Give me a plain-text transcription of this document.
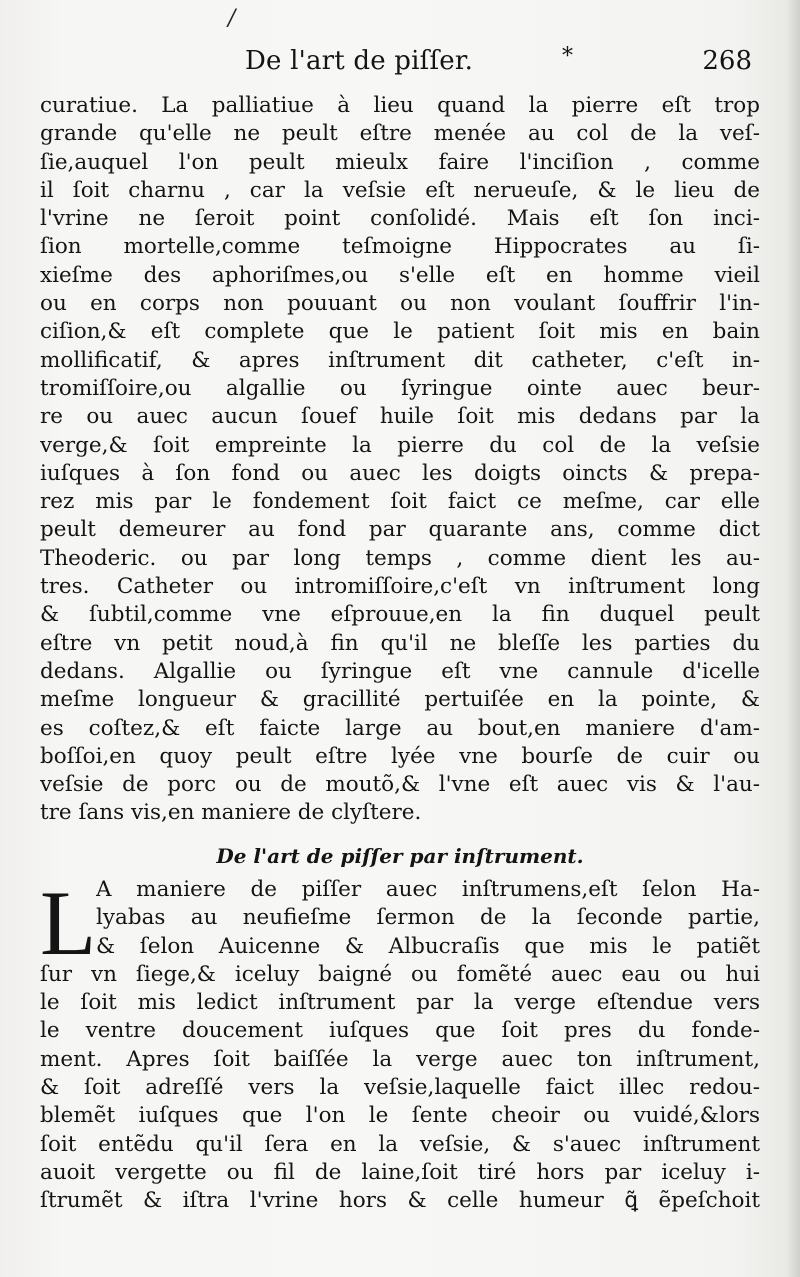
/
De l'art de piſſer.	*	268
curatiue. La palliatiue à lieu quand la pierre eſt trop
grande qu'elle ne peult eſtre menée au col de la veſ-
ſie,auquel l'on peult mieulx faire l'inciſion , comme
il ſoit charnu , car la veſsie eſt nerueuſe, & le lieu de
l'vrine ne ſeroit point conſolidé. Mais eſt ſon inci-
ſion mortelle,comme teſmoigne Hippocrates au ſi-
xieſme des aphoriſmes,ou s'elle eſt en homme vieil
ou en corps non pouuant ou non voulant ſouffrir l'in-
ciſion,& eſt complete que le patient ſoit mis en bain
mollificatif, & apres inſtrument dit catheter, c'eſt in-
tromiſſoire,ou algallie ou ſyringue ointe auec beur-
re ou auec aucun ſouef huile ſoit mis dedans par la
verge,& ſoit empreinte la pierre du col de la veſsie
iuſques à ſon fond ou auec les doigts oincts & prepa-
rez mis par le fondement ſoit faict ce meſme, car elle
peult demeurer au fond par quarante ans, comme dict
Theoderic. ou par long temps , comme dient les au-
tres. Catheter ou intromiſſoire,c'eſt vn inſtrument long
& ſubtil,comme vne eſprouue,en la fin duquel peult
eſtre vn petit noud,à fin qu'il ne bleſſe les parties du
dedans. Algallie ou ſyringue eſt vne cannule d'icelle
meſme longueur & gracillité pertuiſée en la pointe, &
es coſtez,& eſt faicte large au bout,en maniere d'am-
boſſoi,en quoy peult eſtre lyée vne bourſe de cuir ou
veſsie de porc ou de moutõ,& l'vne eſt auec vis & l'au-
tre ſans vis,en maniere de clyſtere.
De l'art de piſſer par inſtrument.
L A maniere de piſſer auec inſtrumens,eſt ſelon Ha-
lyabas au neufieſme ſermon de la ſeconde partie,
& ſelon Auicenne & Albucraſis que mis le patiẽt
ſur vn ſiege,& iceluy baigné ou fomẽté auec eau ou hui
le ſoit mis ledict inſtrument par la verge eſtendue vers
le ventre doucement iuſques que ſoit pres du fonde-
ment. Apres ſoit baiſſée la verge auec ton inſtrument,
& ſoit adreſſé vers la veſsie,laquelle faict illec redou-
blemẽt iuſques que l'on le ſente cheoir ou vuidé,&lors
ſoit entẽdu qu'il ſera en la veſsie, & s'auec inſtrument
auoit vergette ou fil de laine,ſoit tiré hors par iceluy i-
ſtrumẽt & iſtra l'vrine hors & celle humeur ꝗ̃ ẽpeſchoit
